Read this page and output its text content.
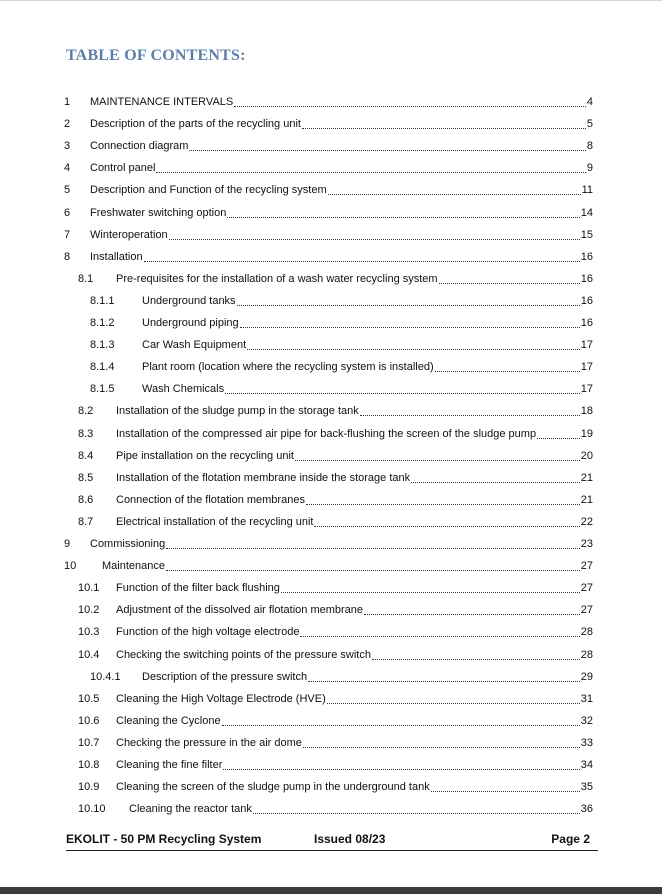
TABLE OF CONTENTS:
1	MAINTENANCE INTERVALS	4
2	Description of the parts of the recycling unit	5
3	Connection diagram	8
4	Control panel	9
5	Description and Function of the recycling system	11
6	Freshwater switching option	14
7	Winteroperation	15
8	Installation	16
8.1	Pre-requisites for the installation of a wash water recycling system	16
8.1.1	Underground tanks	16
8.1.2	Underground piping	16
8.1.3	Car Wash Equipment	17
8.1.4	Plant room (location where the recycling system is installed)	17
8.1.5	Wash Chemicals	17
8.2	Installation of the sludge pump in the storage tank	18
8.3	Installation of the compressed air pipe for back-flushing the screen of the sludge pump	19
8.4	Pipe installation on the recycling unit	20
8.5	Installation of the flotation membrane inside the storage tank	21
8.6	Connection of the flotation membranes	21
8.7	Electrical installation of the recycling unit	22
9	Commissioning	23
10	Maintenance	27
10.1	Function of the filter back flushing	27
10.2	Adjustment of the dissolved air flotation membrane	27
10.3	Function of the high voltage electrode	28
10.4	Checking the switching points of the pressure switch	28
10.4.1	Description of the pressure switch	29
10.5	Cleaning the High Voltage Electrode (HVE)	31
10.6	Cleaning the Cyclone	32
10.7	Checking the pressure in the air dome	33
10.8	Cleaning the fine filter	34
10.9	Cleaning the screen of the sludge pump in the underground tank	35
10.10	Cleaning the reactor tank	36
EKOLIT - 50 PM Recycling System	Issued 08/23	Page 2
